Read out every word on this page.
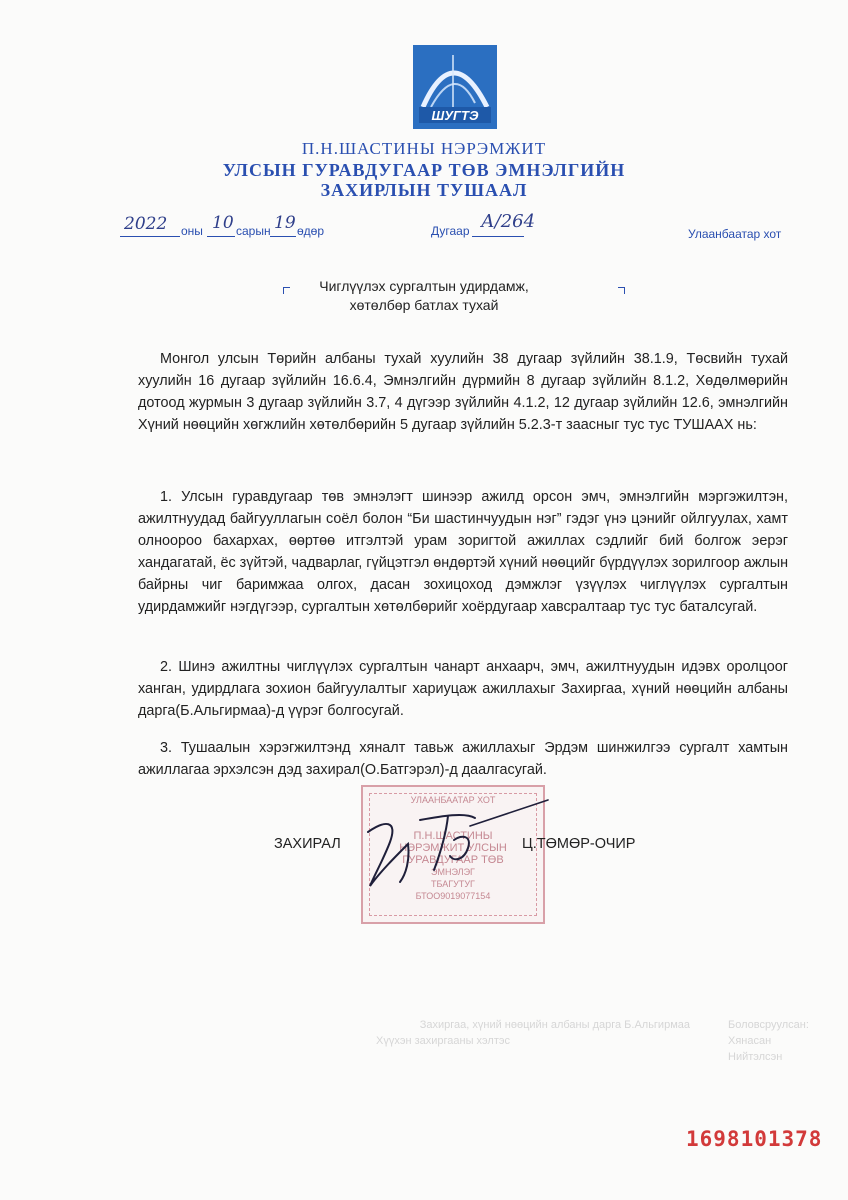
ШУГТЭ
П.Н.ШАСТИНЫ НЭРЭМЖИТ
УЛСЫН ГУРАВДУГААР ТӨВ ЭМНЭЛГИЙН
ЗАХИРЛЫН ТУШААЛ
2022 оны 10 сарын 19 өдөр	Дугаар А/264
Улаанбаатар хот
Чиглүүлэх сургалтын удирдамж,
хөтөлбөр батлах тухай
Монгол улсын Төрийн албаны тухай хуулийн 38 дугаар зүйлийн 38.1.9, Төсвийн тухай хуулийн 16 дугаар зүйлийн 16.6.4, Эмнэлгийн дүрмийн 8 дугаар зүйлийн 8.1.2, Хөдөлмөрийн дотоод журмын 3 дугаар зүйлийн 3.7, 4 дүгээр зүйлийн 4.1.2, 12 дугаар зүйлийн 12.6, эмнэлгийн Хүний нөөцийн хөгжлийн хөтөлбөрийн 5 дугаар зүйлийн 5.2.3-т заасныг тус тус ТУШААХ нь:
1. Улсын гуравдугаар төв эмнэлэгт шинээр ажилд орсон эмч, эмнэлгийн мэргэжилтэн, ажилтнуудад байгууллагын соёл болон “Би шастинчуудын нэг” гэдэг үнэ цэнийг ойлгуулах, хамт олноороо бахархах, өөртөө итгэлтэй урам зоригтой ажиллах сэдлийг бий болгож эерэг хандагатай, ёс зүйтэй, чадварлаг, гүйцэтгэл өндөртэй хүний нөөцийг бүрдүүлэх зорилгоор ажлын байрны чиг баримжаа олгох, дасан зохицоход дэмжлэг үзүүлэх чиглүүлэх сургалтын удирдамжийг нэгдүгээр, сургалтын хөтөлбөрийг хоёрдугаар хавсралтаар тус тус баталсугай.
2. Шинэ ажилтны чиглүүлэх сургалтын чанарт анхаарч, эмч, ажилтнуудын идэвх оролцоог ханган, удирдлага зохион байгуулалтыг хариуцаж ажиллахыг Захиргаа, хүний нөөцийн албаны дарга(Б.Альгирмаа)-д үүрэг болгосугай.
3. Тушаалын хэрэгжилтэнд хяналт тавьж ажиллахыг Эрдэм шинжилгээ сургалт хамтын ажиллагаа эрхэлсэн дэд захирал(О.Батгэрэл)-д даалгасугай.
УЛААНБААТАР ХОТ
П.Н.ШАСТИНЫ
НЭРЭМЖИТ УЛСЫН
ГУРАВДУГААР ТӨВ
ЭМНЭЛЭГ
ТБАГУТУГ
БТОО9019077154
ЗАХИРАЛ	Ц.ТӨМӨР-ОЧИР
Боловсруулсан:
Хянасан
Нийтэлсэн
Захиргаа, хүний нөөцийн албаны дарга Б.Альгирмаа
Хүүхэн захиргааны хэлтэс
1698101378
